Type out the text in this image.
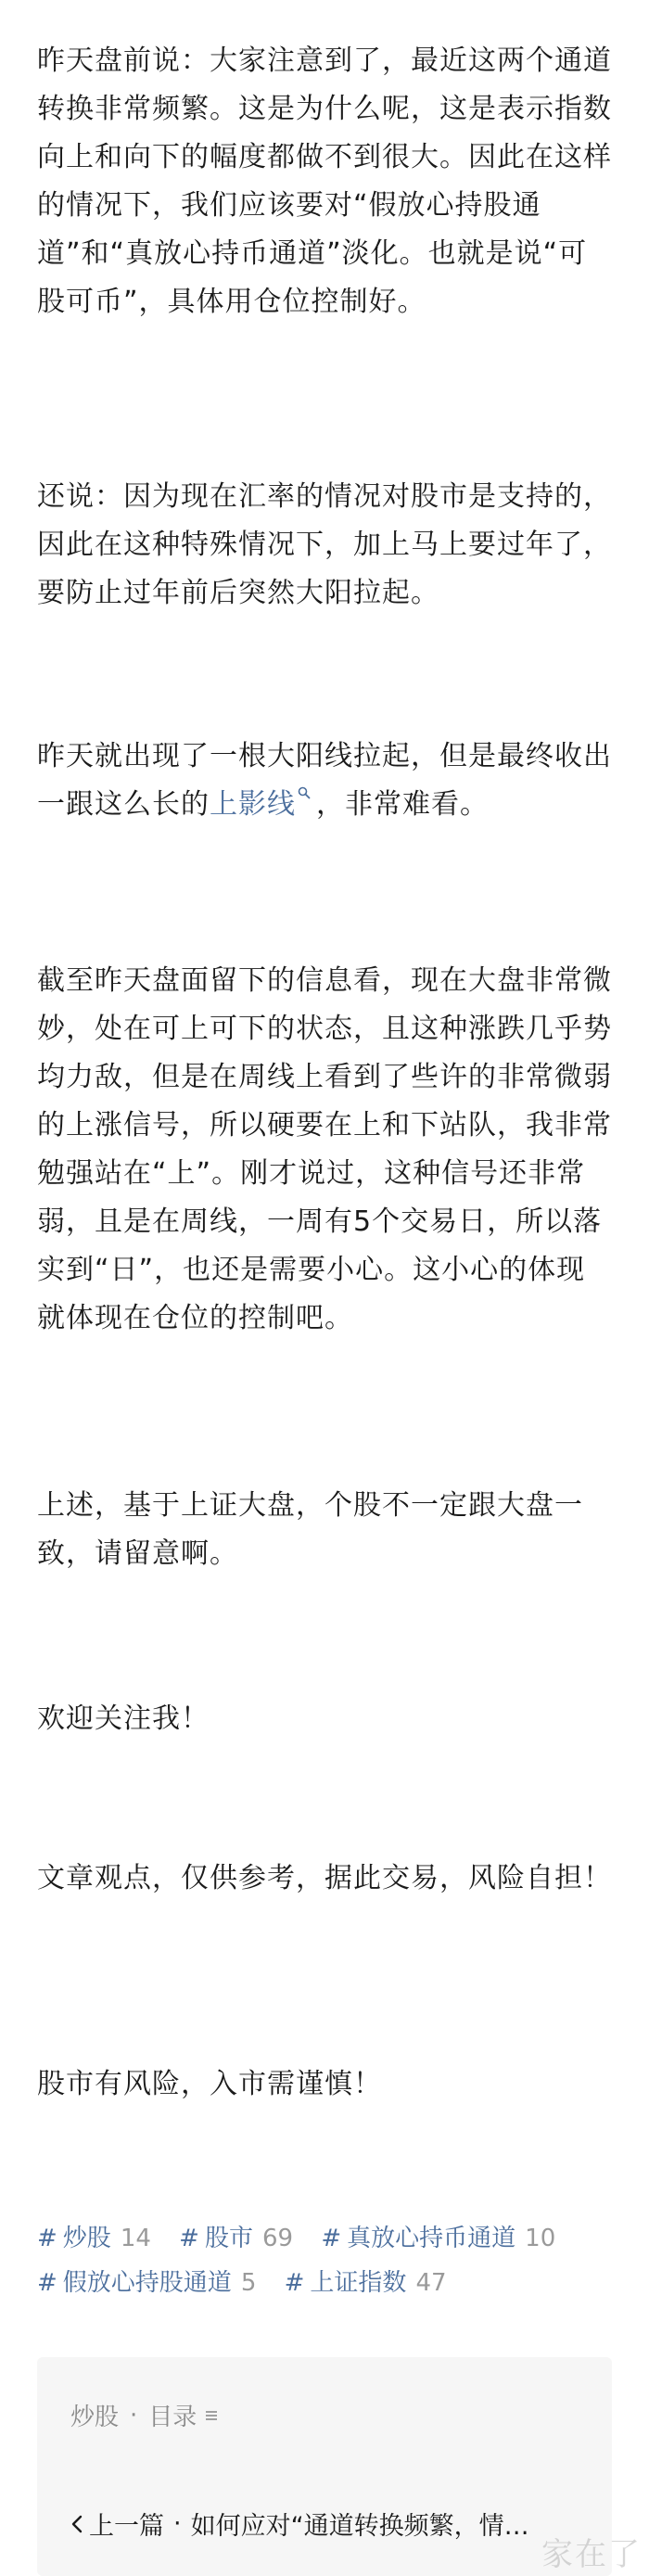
昨天盘前说：大家注意到了，最近这两个通道转换非常频繁。这是为什么呢，这是表示指数向上和向下的幅度都做不到很大。因此在这样的情况下，我们应该要对“假放心持股通道”和“真放心持币通道”淡化。也就是说“可股可币”，具体用仓位控制好。

还说：因为现在汇率的情况对股市是支持的，因此在这种特殊情况下，加上马上要过年了，要防止过年前后突然大阳拉起。

昨天就出现了一根大阳线拉起，但是最终收出一跟这么长的上影线 ，非常难看。

截至昨天盘面留下的信息看，现在大盘非常微妙，处在可上可下的状态，且这种涨跌几乎势均力敌，但是在周线上看到了些许的非常微弱的上涨信号，所以硬要在上和下站队，我非常勉强站在“上”。刚才说过，这种信号还非常弱，且是在周线，一周有5个交易日，所以落实到“日”，也还是需要小心。这小心的体现就体现在仓位的控制吧。

上述，基于上证大盘，个股不一定跟大盘一致，请留意啊。

欢迎关注我！

文章观点，仅供参考，据此交易，风险自担！

股市有风险，入市需谨慎！

# 炒股 14 # 股市 69 # 真放心持币通道 10 # 假放心持股通道 5 # 上证指数 47
炒股 · 目录
上一篇 · 如何应对“通道转换频繁，情…
家在了
